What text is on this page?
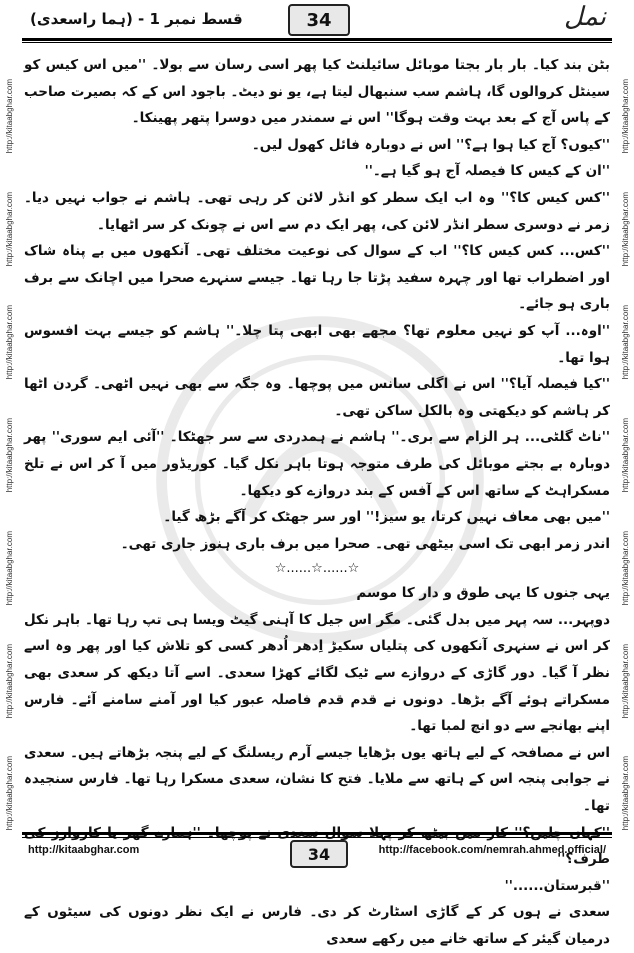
قسط نمبر 1 - (ہما راسعدی)	34	نمل
http://kitaabghar.com
http://kitaabghar.com
http://kitaabghar.com
http://kitaabghar.com
http://kitaabghar.com
http://kitaabghar.com
http://kitaabghar.com
http://kitaabghar.com
http://kitaabghar.com
http://kitaabghar.com
http://kitaabghar.com
http://kitaabghar.com
http://kitaabghar.com
http://kitaabghar.com

بٹن بند کیا۔ بار بار بجتا موبائل سائیلنٹ کیا پھر اسی رسان سے بولا۔ ''میں اس کیس کو سینٹل کروالوں گا، ہاشم سب سنبھال لیتا ہے، یو نو دیٹ۔ باجود اس کے کہ بصیرت صاحب کے پاس آج کے بعد بہت وقت ہوگا'' اس نے سمندر میں دوسرا پتھر پھینکا۔

''کیوں؟ آج کیا ہوا ہے؟'' اس نے دوبارہ فائل کھول لیں۔

''ان کے کیس کا فیصلہ آج ہو گیا ہے۔''

''کس کیس کا؟'' وہ اب ایک سطر کو انڈر لائن کر رہی تھی۔ ہاشم نے جواب نہیں دیا۔ زمر نے دوسری سطر انڈر لائن کی، پھر ایک دم سے اس نے چونک کر سر اٹھایا۔

''کس... کس کیس کا؟'' اب کے سوال کی نوعیت مختلف تھی۔ آنکھوں میں بے پناہ شاک اور اضطراب تھا اور چہرہ سفید پڑتا جا رہا تھا۔ جیسے سنہرے صحرا میں اچانک سے برف باری ہو جائے۔

''اوہ... آپ کو نہیں معلوم تھا؟ مجھے بھی ابھی پتا چلا۔'' ہاشم کو جیسے بہت افسوس ہوا تھا۔

''کیا فیصلہ آیا؟'' اس نے اگلی سانس میں پوچھا۔ وہ جگہ سے بھی نہیں اٹھی۔ گردن اٹھا کر ہاشم کو دیکھتی وہ بالکل ساکن تھی۔

''ناٹ گلٹی... ہر الزام سے بری۔'' ہاشم نے ہمدردی سے سر جھٹکا۔ ''آئی ایم سوری'' پھر دوبارہ بے بجتے موبائل کی طرف متوجہ ہوتا باہر نکل گیا۔ کوریڈور میں آ کر اس نے تلخ مسکراہٹ کے ساتھ اس کے آفس کے بند دروازے کو دیکھا۔

''میں بھی معاف نہیں کرتا، یو سیز!'' اور سر جھٹک کر آگے بڑھ گیا۔

اندر زمر ابھی تک اسی بیٹھی تھی۔ صحرا میں برف باری ہنوز جاری تھی۔

☆......☆......☆

یہی جنوں کا یہی طوق و دار کا موسم

دوپہر... سہ پہر میں بدل گئی۔ مگر اس جیل کا آہنی گیٹ ویسا ہی تپ رہا تھا۔ باہر نکل کر اس نے سنہری آنکھوں کی پتلیاں سکیڑ اِدھر اُدھر کسی کو تلاش کیا اور پھر وہ اسے نظر آ گیا۔ دور گاڑی کے دروازے سے ٹیک لگائے کھڑا سعدی۔ اسے آتا دیکھ کر سعدی بھی مسکراتے ہوئے آگے بڑھا۔ دونوں نے قدم قدم فاصلہ عبور کیا اور آمنے سامنے آئے۔ فارس اپنے بھانجے سے دو انچ لمبا تھا۔

اس نے مصافحہ کے لیے ہاتھ یوں بڑھایا جیسے آرم ریسلنگ کے لیے پنجہ بڑھاتے ہیں۔ سعدی نے جوابی پنجہ اس کے ہاتھ سے ملایا۔ فتح کا نشان، سعدی مسکرا رہا تھا۔ فارس سنجیدہ تھا۔

طرف؟''

''قبرستان......''

سعدی نے ہوں کر کے گاڑی اسٹارٹ کر دی۔ فارس نے ایک نظر دونوں کی سیٹوں کے درمیان گیئر کے ساتھ خانے میں رکھے سعدی

http://kitaabghar.com	34	http://facebook.com/nemrah.ahmed.official/
